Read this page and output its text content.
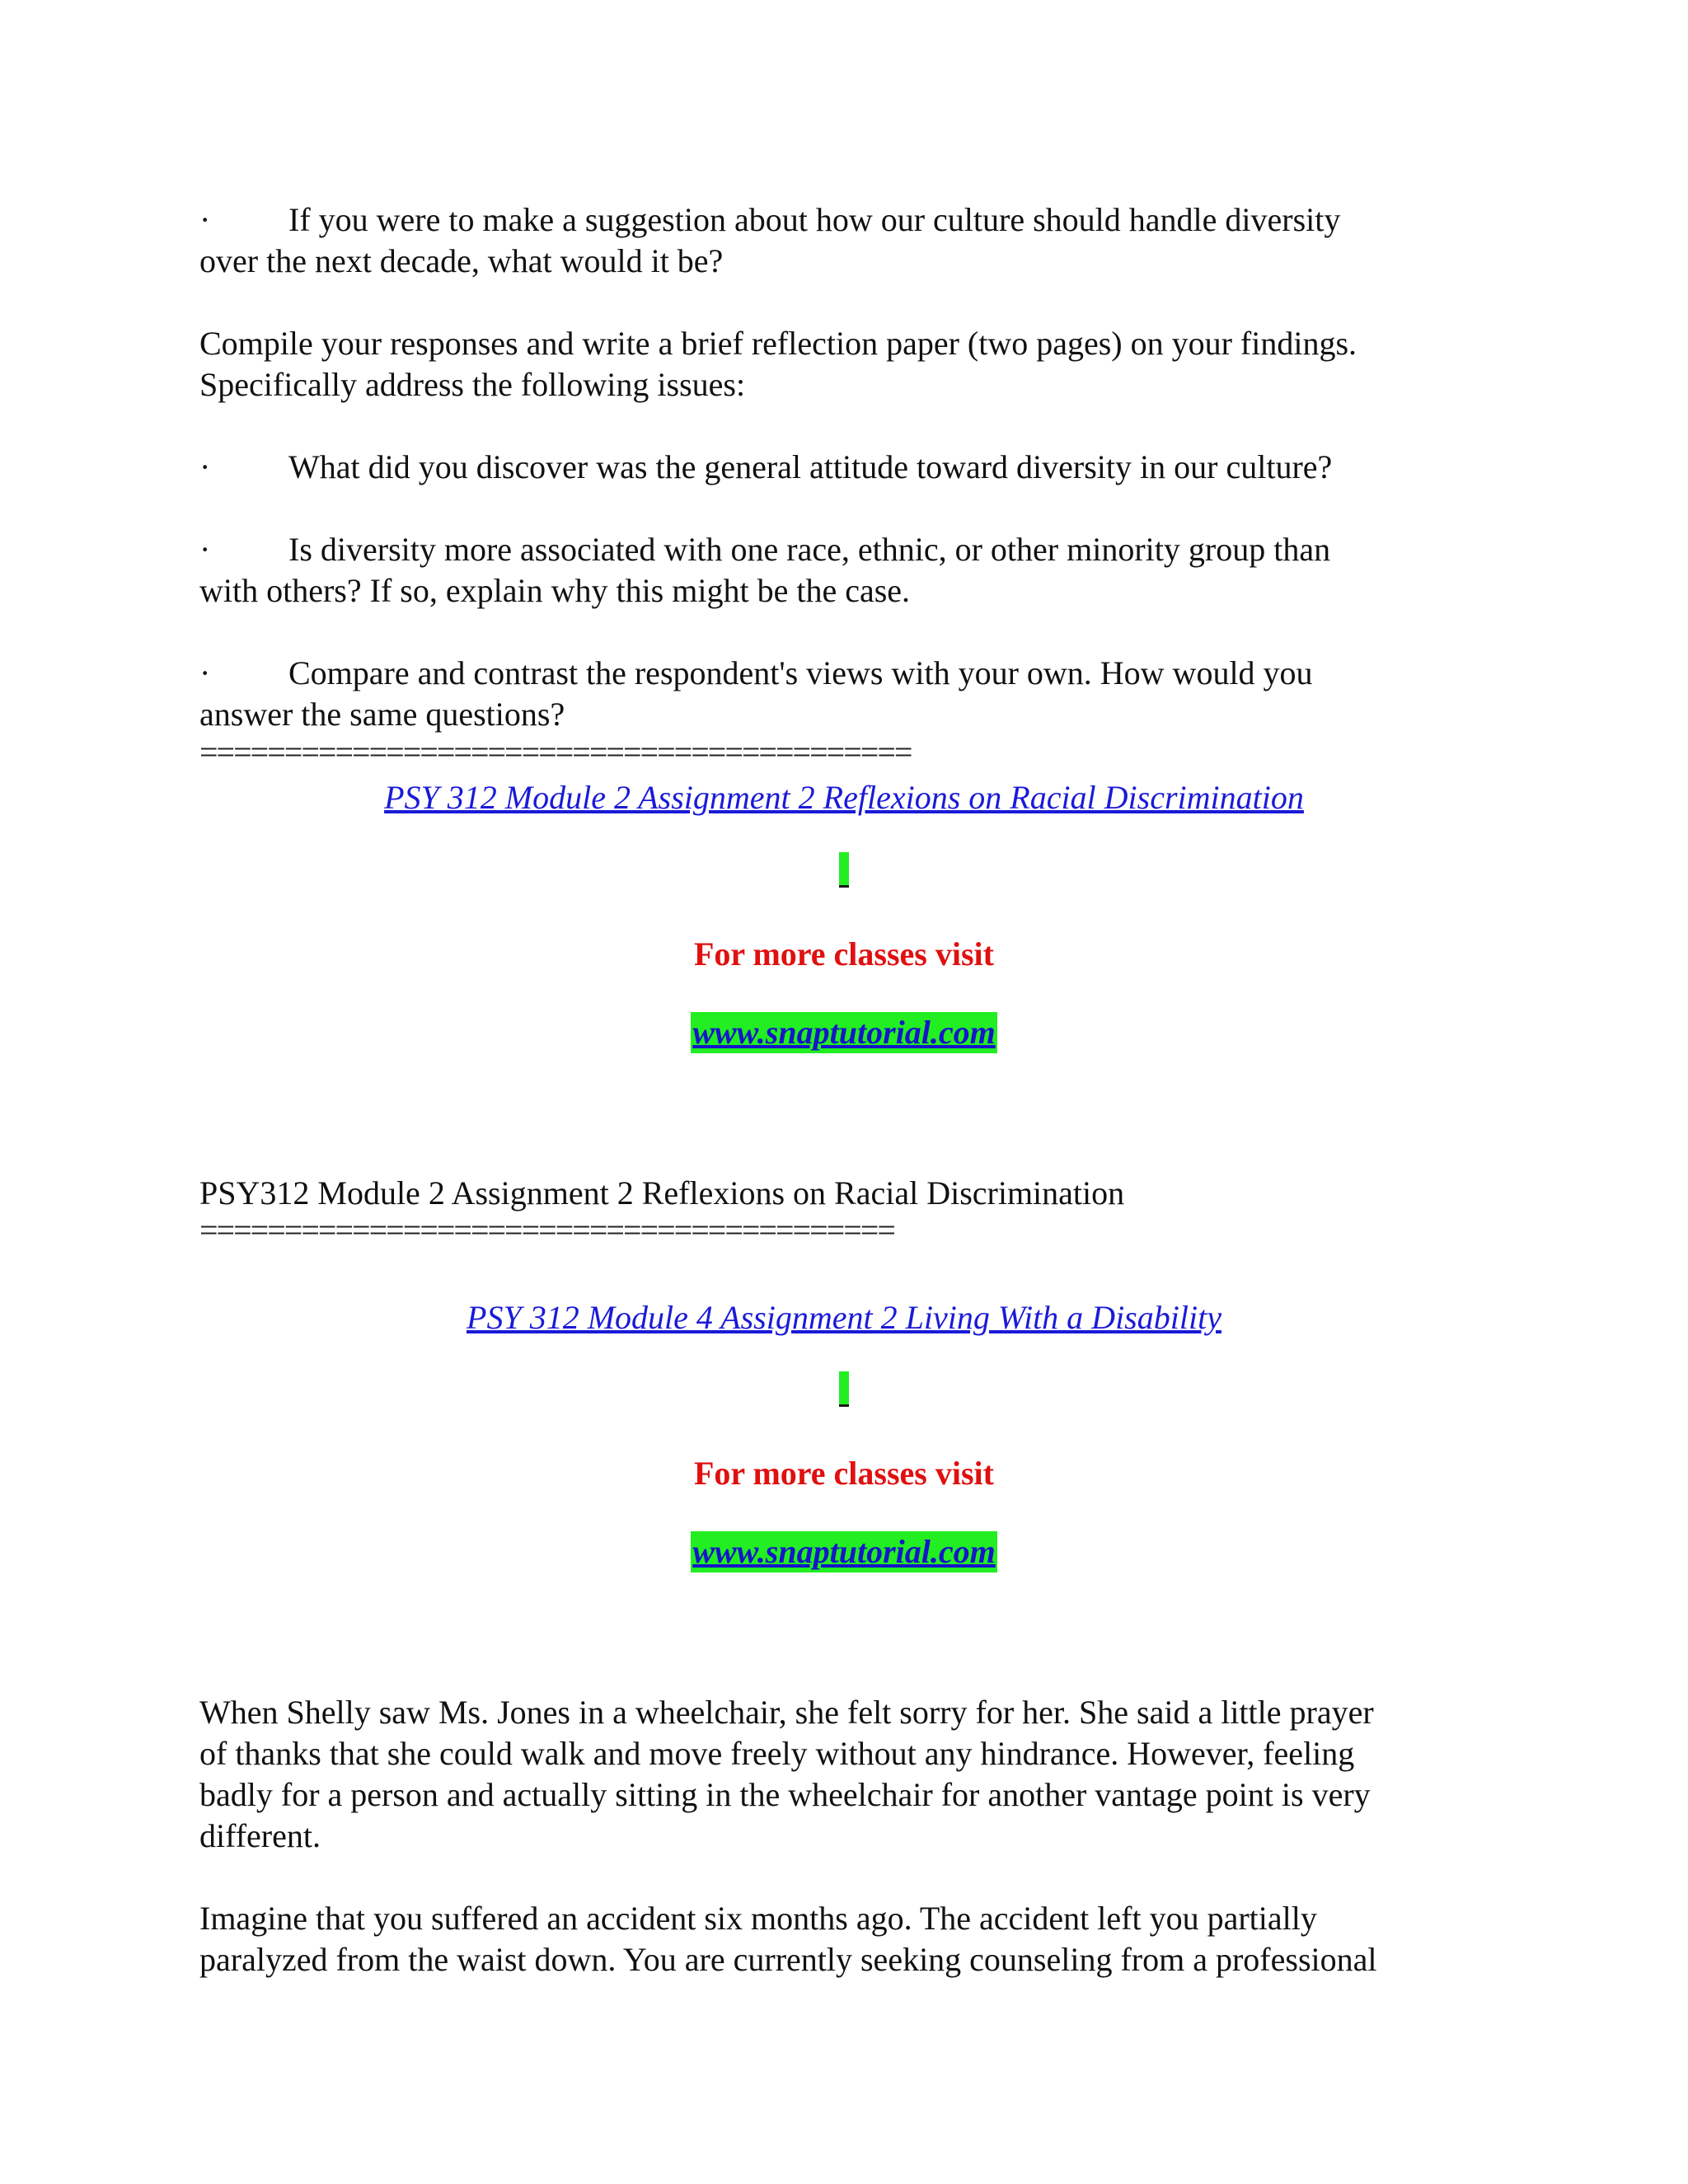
· If you were to make a suggestion about how our culture should handle diversity
over the next decade, what would it be?
Compile your responses and write a brief reflection paper (two pages) on your findings.
Specifically address the following issues:
· What did you discover was the general attitude toward diversity in our culture?
· Is diversity more associated with one race, ethnic, or other minority group than
with others? If so, explain why this might be the case.
· Compare and contrast the respondent's views with your own. How would you
answer the same questions?
==========================================
PSY 312 Module 2 Assignment 2 Reflexions on Racial Discrimination
For more classes visit
www.snaptutorial.com
PSY312 Module 2 Assignment 2 Reflexions on Racial Discrimination
=========================================
PSY 312 Module 4 Assignment 2 Living With a Disability
For more classes visit
www.snaptutorial.com
When Shelly saw Ms. Jones in a wheelchair, she felt sorry for her. She said a little prayer
of thanks that she could walk and move freely without any hindrance. However, feeling
badly for a person and actually sitting in the wheelchair for another vantage point is very
different.
Imagine that you suffered an accident six months ago. The accident left you partially
paralyzed from the waist down. You are currently seeking counseling from a professional
